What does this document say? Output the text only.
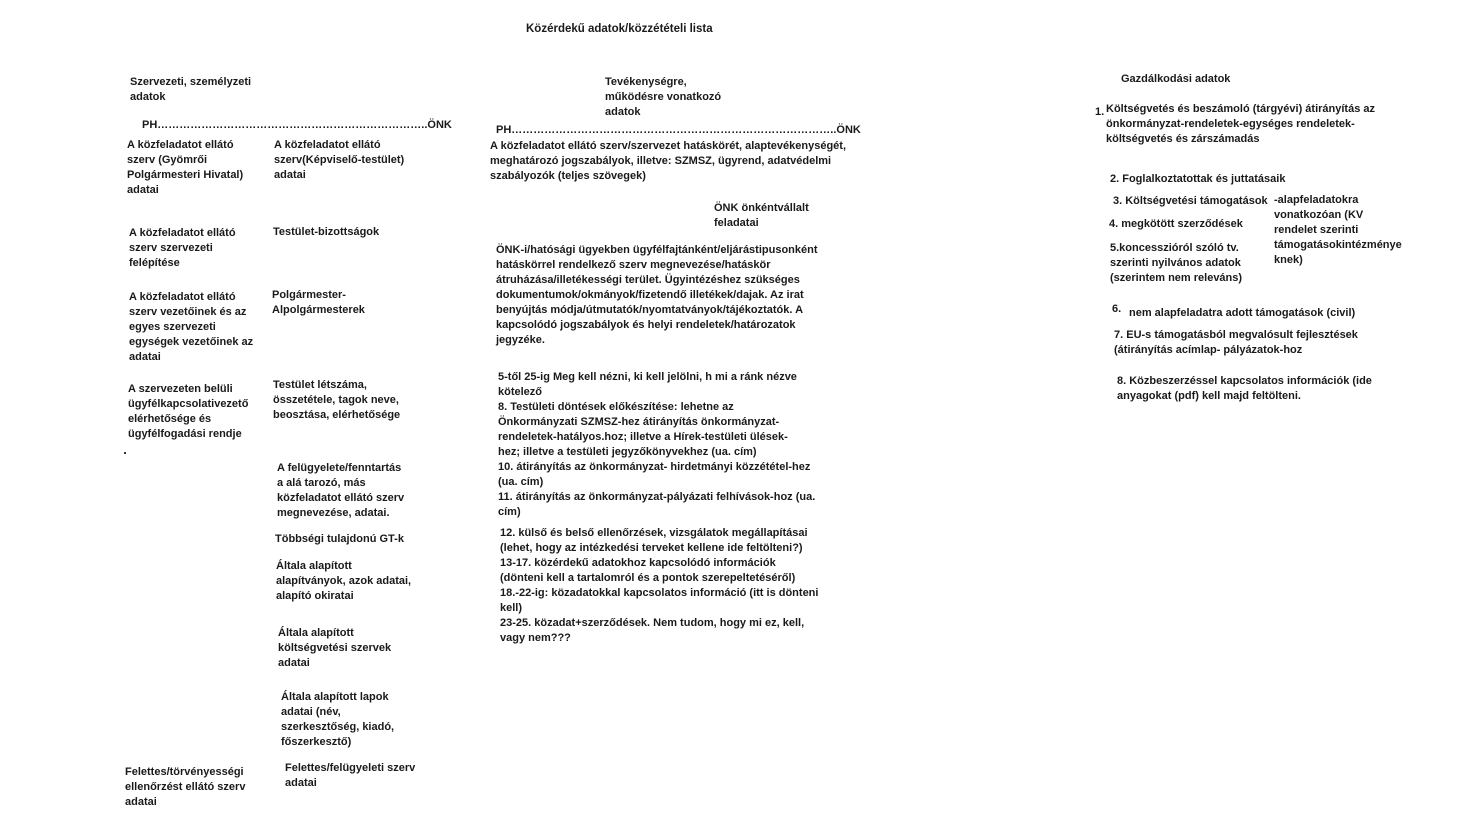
Közérdekű adatok/közzétételi lista
Szervezeti, személyzeti
adatok
PH………………………………………………………………..ÖNK
A közfeladatot ellátó
szerv (Gyömrői
Polgármesteri Hivatal)
adatai
A közfeladatot ellátó
szerv szervezeti
felépítése
A közfeladatot ellátó
szerv vezetőinek és az
egyes szervezeti
egységek vezetőinek az
adatai
A szervezeten belüli
ügyfélkapcsolativezető
elérhetősége és
ügyfélfogadási rendje
A közfeladatot ellátó
szerv(Képviselő-testület)
adatai
Testület-bizottságok
Polgármester-
Alpolgármesterek
Testület létszáma,
összetétele, tagok neve,
beosztása, elérhetősége
A felügyelete/fenntartás
a alá tarozó, más
közfeladatot ellátó szerv
megnevezése, adatai.
Többségi tulajdonú GT-k
Általa alapított
alapítványok, azok adatai,
alapító okiratai
Általa alapított
költségvetési szervek
adatai
Általa alapított lapok
adatai (név,
szerkesztőség, kiadó,
főszerkesztő)
Felettes/törvényességi
ellenőrzést ellátó szerv
adatai
Felettes/felügyeleti szerv
adatai
Tevékenységre,
működésre vonatkozó
adatok
PH……………………………………………………………………………..ÖNK
A közfeladatot ellátó szerv/szervezet hatáskörét, alaptevékenységét,
meghatározó jogszabályok, illetve: SZMSZ, ügyrend, adatvédelmi
szabályozók (teljes szövegek)
ÖNK önkéntvállalt
feladatai
ÖNK-i/hatósági ügyekben ügyfélfajtánként/eljárástipusonként
hatáskörrel rendelkező szerv megnevezése/hatáskör
átruházása/illetékességi terület. Ügyintézéshez szükséges
dokumentumok/okmányok/fizetendő illetékek/dajak. Az irat
benyújtás módja/útmutatók/nyomtatványok/tájékoztatók. A
kapcsolódó jogszabályok és helyi rendeletek/határozatok
jegyzéke.
5-től 25-ig Meg kell nézni, ki kell jelölni, h mi a ránk nézve
kötelező
8. Testületi döntések előkészítése: lehetne az
Önkormányzati SZMSZ-hez átirányítás önkormányzat-
rendeletek-hatályos.hoz; illetve a Hírek-testületi ülések-
hez; illetve a testületi jegyzőkönyvekhez (ua. cím)
10. átirányítás az önkormányzat- hirdetmányi közzététel-hez
(ua. cím)
11. átirányítás az önkormányzat-pályázati felhívások-hoz (ua.
cím)
12. külső és belső ellenőrzések, vizsgálatok megállapításai
(lehet, hogy az intézkedési terveket kellene ide feltölteni?)
13-17. közérdekű adatokhoz kapcsolódó információk
(dönteni kell a tartalomról és a pontok szerepeltetéséről)
18.-22-ig: közadatokkal kapcsolatos információ (itt is dönteni
kell)
23-25. közadat+szerződések. Nem tudom, hogy mi ez, kell,
vagy nem???
Gazdálkodási adatok
1. Költségvetés és beszámoló (tárgyévi) átirányítás az
önkormányzat-rendeletek-egységes rendeletek-
költségvetés és zárszámadás
2. Foglalkoztatottak és juttatásaik
3. Költségvetési támogatások -alapfeladatokra
vonatkozóan (KV
rendelet szerinti
támogatásokintézménye
knek)
4. megkötött szerződések
5.koncesszióról szóló tv.
szerinti nyilvános adatok
(szerintem nem releváns)
6. nem alapfeladatra adott támogatások (civil)
7. EU-s támogatásból megvalósult fejlesztések
(átirányítás acímlap- pályázatok-hoz
8. Közbeszerzéssel kapcsolatos információk (ide
anyagokat (pdf) kell majd feltölteni.
